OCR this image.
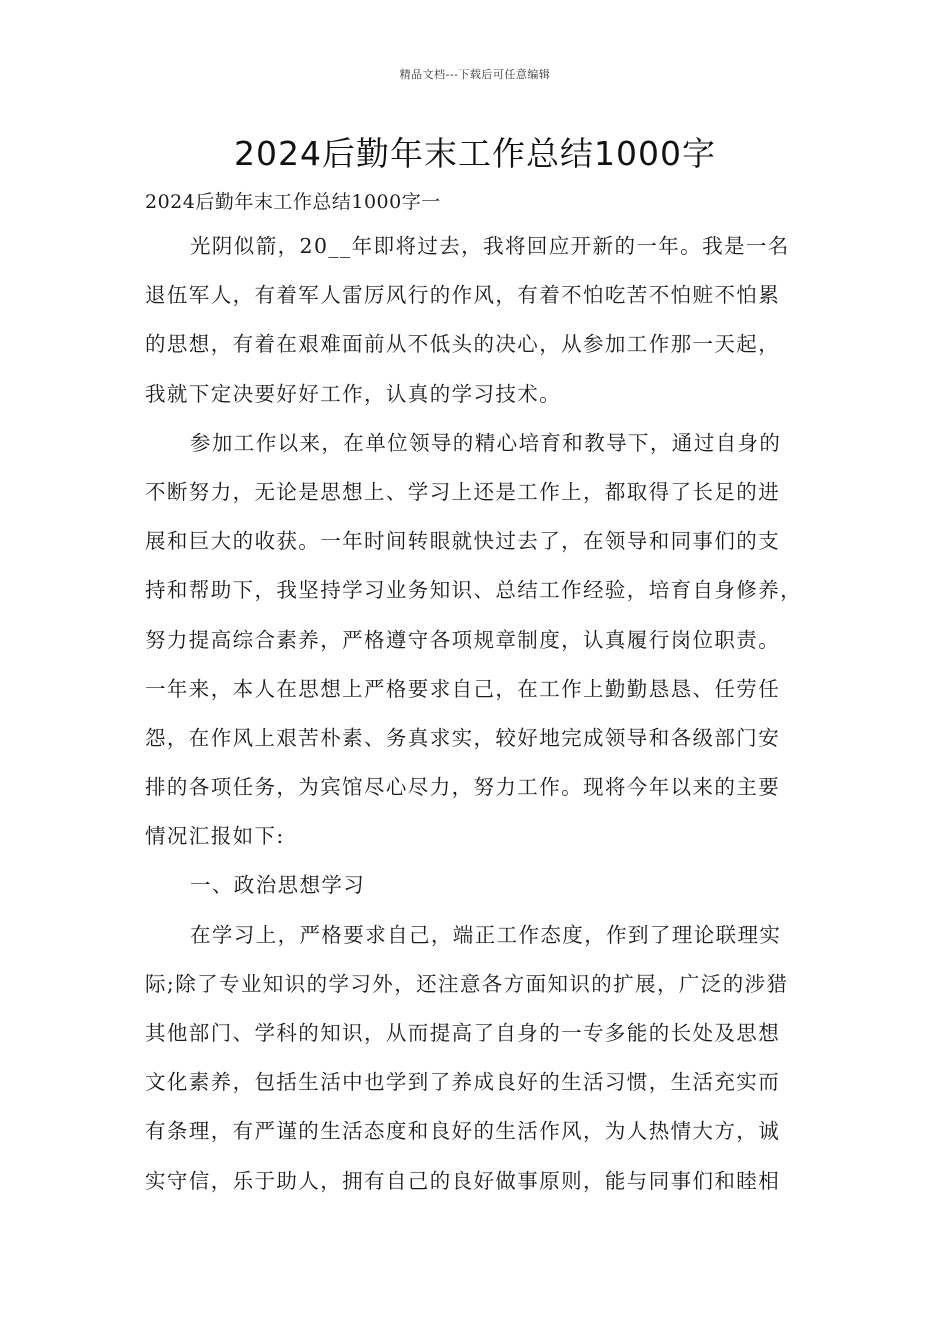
精品文档---下载后可任意编辑
2024后勤年末工作总结1000字
2024后勤年末工作总结1000字一
光阴似箭，20__年即将过去，我将回应开新的一年。我是一名
退伍军人，有着军人雷厉风行的作风，有着不怕吃苦不怕赃不怕累
的思想，有着在艰难面前从不低头的决心，从参加工作那一天起，
我就下定决要好好工作，认真的学习技术。
参加工作以来，在单位领导的精心培育和教导下，通过自身的
不断努力，无论是思想上、学习上还是工作上，都取得了长足的进
展和巨大的收获。一年时间转眼就快过去了，在领导和同事们的支
持和帮助下，我坚持学习业务知识、总结工作经验，培育自身修养，
努力提高综合素养，严格遵守各项规章制度，认真履行岗位职责。
一年来，本人在思想上严格要求自己，在工作上勤勤恳恳、任劳任
怨，在作风上艰苦朴素、务真求实，较好地完成领导和各级部门安
排的各项任务，为宾馆尽心尽力，努力工作。现将今年以来的主要
情况汇报如下:
一、政治思想学习
在学习上，严格要求自己，端正工作态度，作到了理论联理实
际;除了专业知识的学习外，还注意各方面知识的扩展，广泛的涉猎
其他部门、学科的知识，从而提高了自身的一专多能的长处及思想
文化素养，包括生活中也学到了养成良好的生活习惯，生活充实而
有条理，有严谨的生活态度和良好的生活作风，为人热情大方，诚
实守信，乐于助人，拥有自己的良好做事原则，能与同事们和睦相
